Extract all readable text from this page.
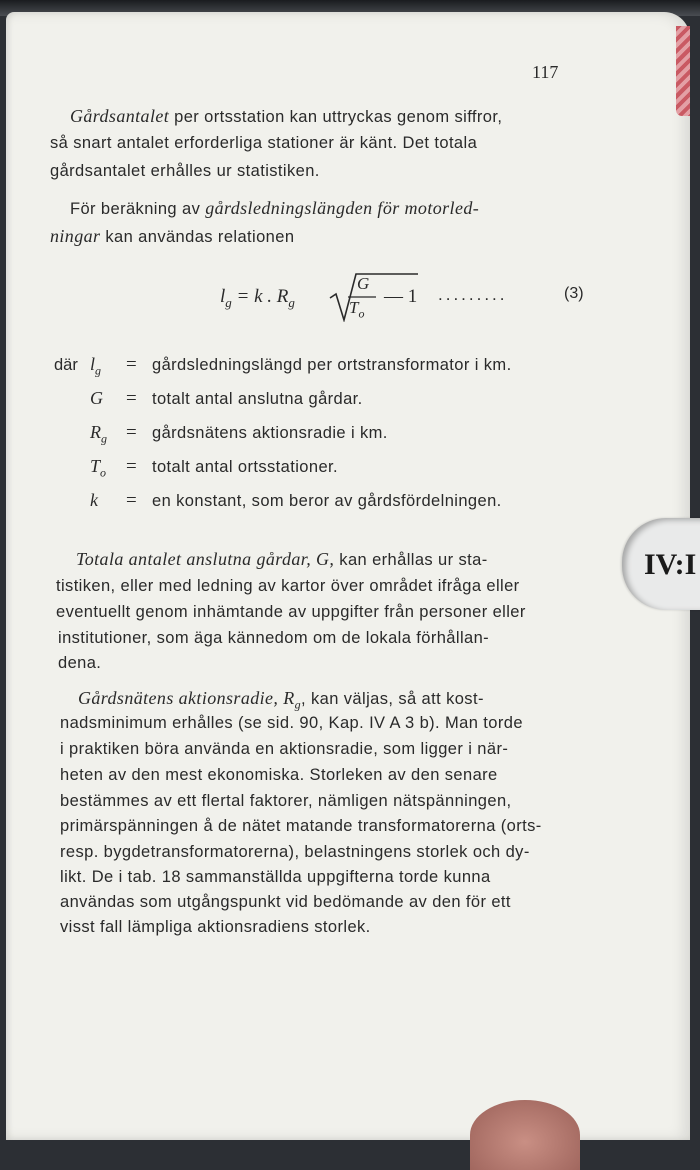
117
Gårdsantalet per ortsstation kan uttryckas genom siffror,
så snart antalet erforderliga stationer är känt. Det totala
gårdsantalet erhålles ur statistiken.
För beräkning av gårdsledningslängden för motorled-
ningar kan användas relationen
$l_g = k$ . $R_g$
G
$T_o$
— 1 .........	(3)
där $l_g$ = gårdsledningslängd per ortstransformator i km.
G = totalt antal anslutna gårdar.
$R_g$ = gårdsnätens aktionsradie i km.
$T_o$ = totalt antal ortsstationer.
k = en konstant, som beror av gårdsfördelningen.
Totala antalet anslutna gårdar, G, kan erhållas ur sta-
tistiken, eller med ledning av kartor över området ifråga eller
eventuellt genom inhämtande av uppgifter från personer eller
institutioner, som äga kännedom om de lokala förhållan-
dena.
Gårdsnätens aktionsradie, $R_g$, kan väljas, så att kost-
nadsminimum erhålles (se sid. 90, Kap. IV A 3 b). Man torde
i praktiken böra använda en aktionsradie, som ligger i när-
heten av den mest ekonomiska. Storleken av den senare
bestämmes av ett flertal faktorer, nämligen nätspänningen,
primärspänningen å de nätet matande transformatorerna (orts-
resp. bygdetransformatorerna), belastningens storlek och dy-
likt. De i tab. 18 sammanställda uppgifterna torde kunna
användas som utgångspunkt vid bedömande av den för ett
visst fall lämpliga aktionsradiens storlek.
IV:I
